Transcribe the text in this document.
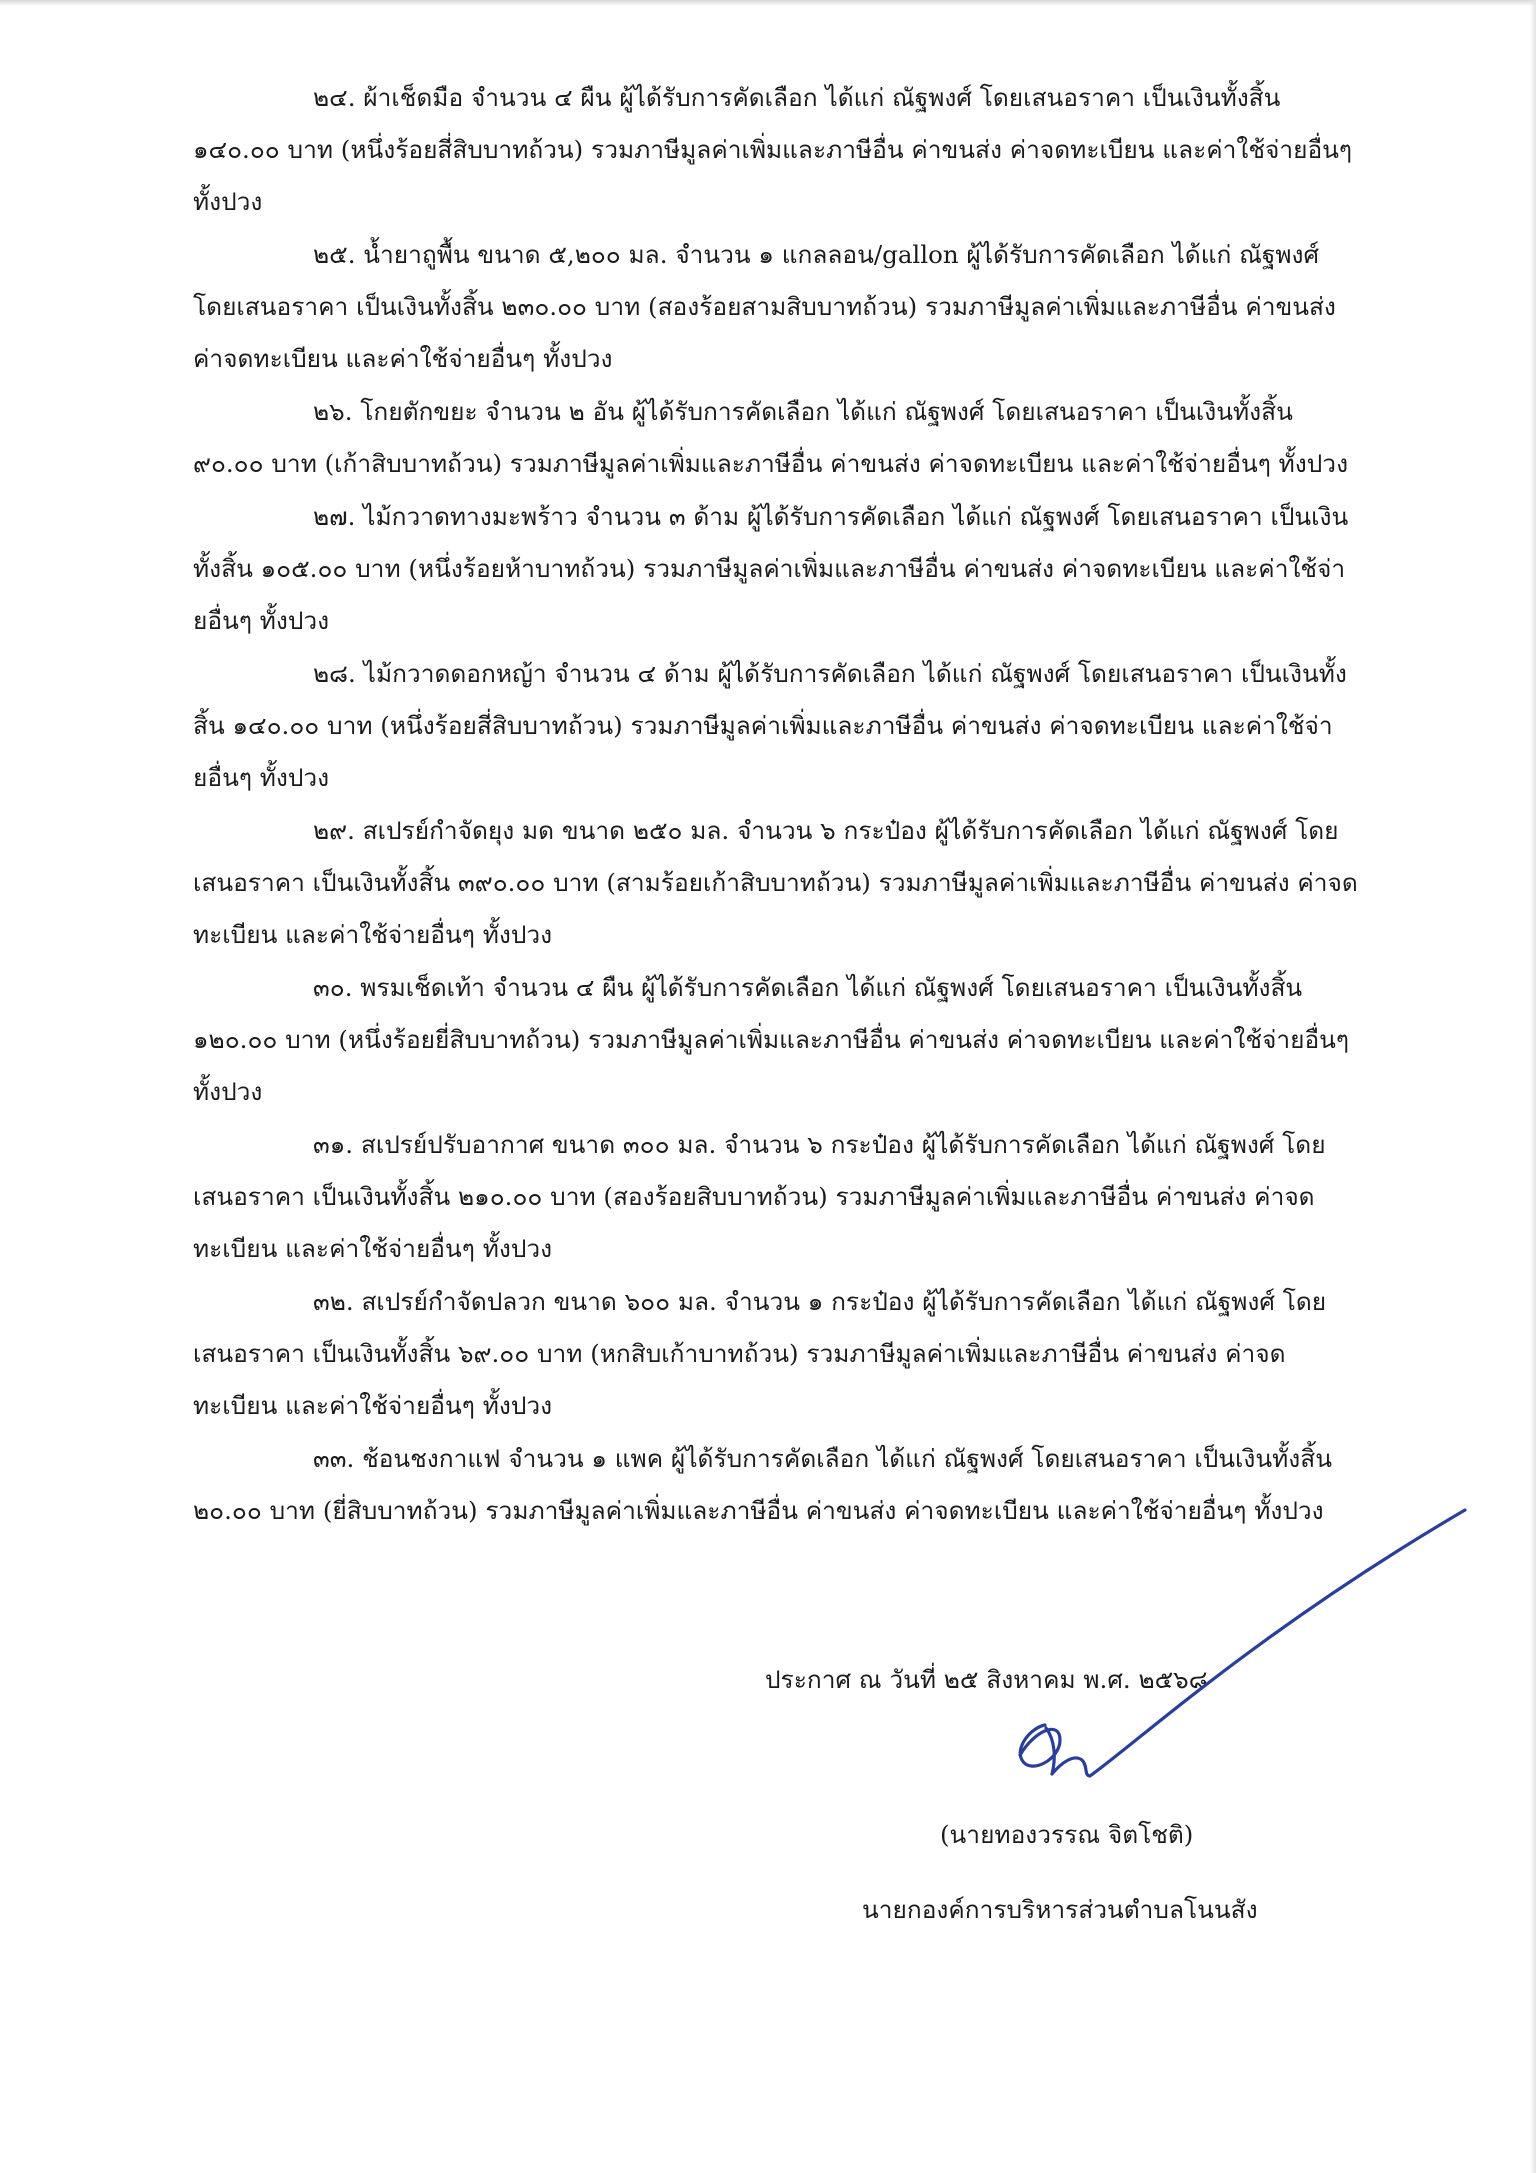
๒๔. ผ้าเช็ดมือ จำนวน ๔ ผืน ผู้ได้รับการคัดเลือก ได้แก่ ณัฐพงศ์ โดยเสนอราคา เป็นเงินทั้งสิ้น ๑๔๐.๐๐ บาท (หนึ่งร้อยสี่สิบบาทถ้วน) รวมภาษีมูลค่าเพิ่มและภาษีอื่น ค่าขนส่ง ค่าจดทะเบียน และค่าใช้จ่ายอื่นๆ ทั้งปวง

๒๕. น้ำยาถูพื้น ขนาด ๕,๒๐๐ มล. จำนวน ๑ แกลลอน/gallon ผู้ได้รับการคัดเลือก ได้แก่ ณัฐพงศ์ โดยเสนอราคา เป็นเงินทั้งสิ้น ๒๓๐.๐๐ บาท (สองร้อยสามสิบบาทถ้วน) รวมภาษีมูลค่าเพิ่มและภาษีอื่น ค่าขนส่ง ค่าจดทะเบียน และค่าใช้จ่ายอื่นๆ ทั้งปวง

๒๖. โกยตักขยะ จำนวน ๒ อัน ผู้ได้รับการคัดเลือก ได้แก่ ณัฐพงศ์ โดยเสนอราคา เป็นเงินทั้งสิ้น ๙๐.๐๐ บาท (เก้าสิบบาทถ้วน) รวมภาษีมูลค่าเพิ่มและภาษีอื่น ค่าขนส่ง ค่าจดทะเบียน และค่าใช้จ่ายอื่นๆ ทั้งปวง

๒๗. ไม้กวาดทางมะพร้าว จำนวน ๓ ด้าม ผู้ได้รับการคัดเลือก ได้แก่ ณัฐพงศ์ โดยเสนอราคา เป็นเงินทั้งสิ้น ๑๐๕.๐๐ บาท (หนึ่งร้อยห้าบาทถ้วน) รวมภาษีมูลค่าเพิ่มและภาษีอื่น ค่าขนส่ง ค่าจดทะเบียน และค่าใช้จ่ายอื่นๆ ทั้งปวง

๒๘. ไม้กวาดดอกหญ้า จำนวน ๔ ด้าม ผู้ได้รับการคัดเลือก ได้แก่ ณัฐพงศ์ โดยเสนอราคา เป็นเงินทั้งสิ้น ๑๔๐.๐๐ บาท (หนึ่งร้อยสี่สิบบาทถ้วน) รวมภาษีมูลค่าเพิ่มและภาษีอื่น ค่าขนส่ง ค่าจดทะเบียน และค่าใช้จ่ายอื่นๆ ทั้งปวง

๒๙. สเปรย์กำจัดยุง มด ขนาด ๒๕๐ มล. จำนวน ๖ กระป๋อง ผู้ได้รับการคัดเลือก ได้แก่ ณัฐพงศ์ โดยเสนอราคา เป็นเงินทั้งสิ้น ๓๙๐.๐๐ บาท (สามร้อยเก้าสิบบาทถ้วน) รวมภาษีมูลค่าเพิ่มและภาษีอื่น ค่าขนส่ง ค่าจดทะเบียน และค่าใช้จ่ายอื่นๆ ทั้งปวง

๓๐. พรมเช็ดเท้า จำนวน ๔ ผืน ผู้ได้รับการคัดเลือก ได้แก่ ณัฐพงศ์ โดยเสนอราคา เป็นเงินทั้งสิ้น ๑๒๐.๐๐ บาท (หนึ่งร้อยยี่สิบบาทถ้วน) รวมภาษีมูลค่าเพิ่มและภาษีอื่น ค่าขนส่ง ค่าจดทะเบียน และค่าใช้จ่ายอื่นๆ ทั้งปวง

๓๑. สเปรย์ปรับอากาศ ขนาด ๓๐๐ มล. จำนวน ๖ กระป๋อง ผู้ได้รับการคัดเลือก ได้แก่ ณัฐพงศ์ โดยเสนอราคา เป็นเงินทั้งสิ้น ๒๑๐.๐๐ บาท (สองร้อยสิบบาทถ้วน) รวมภาษีมูลค่าเพิ่มและภาษีอื่น ค่าขนส่ง ค่าจดทะเบียน และค่าใช้จ่ายอื่นๆ ทั้งปวง

๓๒. สเปรย์กำจัดปลวก ขนาด ๖๐๐ มล. จำนวน ๑ กระป๋อง ผู้ได้รับการคัดเลือก ได้แก่ ณัฐพงศ์ โดยเสนอราคา เป็นเงินทั้งสิ้น ๖๙.๐๐ บาท (หกสิบเก้าบาทถ้วน) รวมภาษีมูลค่าเพิ่มและภาษีอื่น ค่าขนส่ง ค่าจดทะเบียน และค่าใช้จ่ายอื่นๆ ทั้งปวง

๓๓. ช้อนชงกาแฟ จำนวน ๑ แพค ผู้ได้รับการคัดเลือก ได้แก่ ณัฐพงศ์ โดยเสนอราคา เป็นเงินทั้งสิ้น ๒๐.๐๐ บาท (ยี่สิบบาทถ้วน) รวมภาษีมูลค่าเพิ่มและภาษีอื่น ค่าขนส่ง ค่าจดทะเบียน และค่าใช้จ่ายอื่นๆ ทั้งปวง

ประกาศ ณ วันที่ ๒๕ สิงหาคม พ.ศ. ๒๕๖๘
(นายทองวรรณ จิตโชติ)
นายกองค์การบริหารส่วนตำบลโนนสัง
